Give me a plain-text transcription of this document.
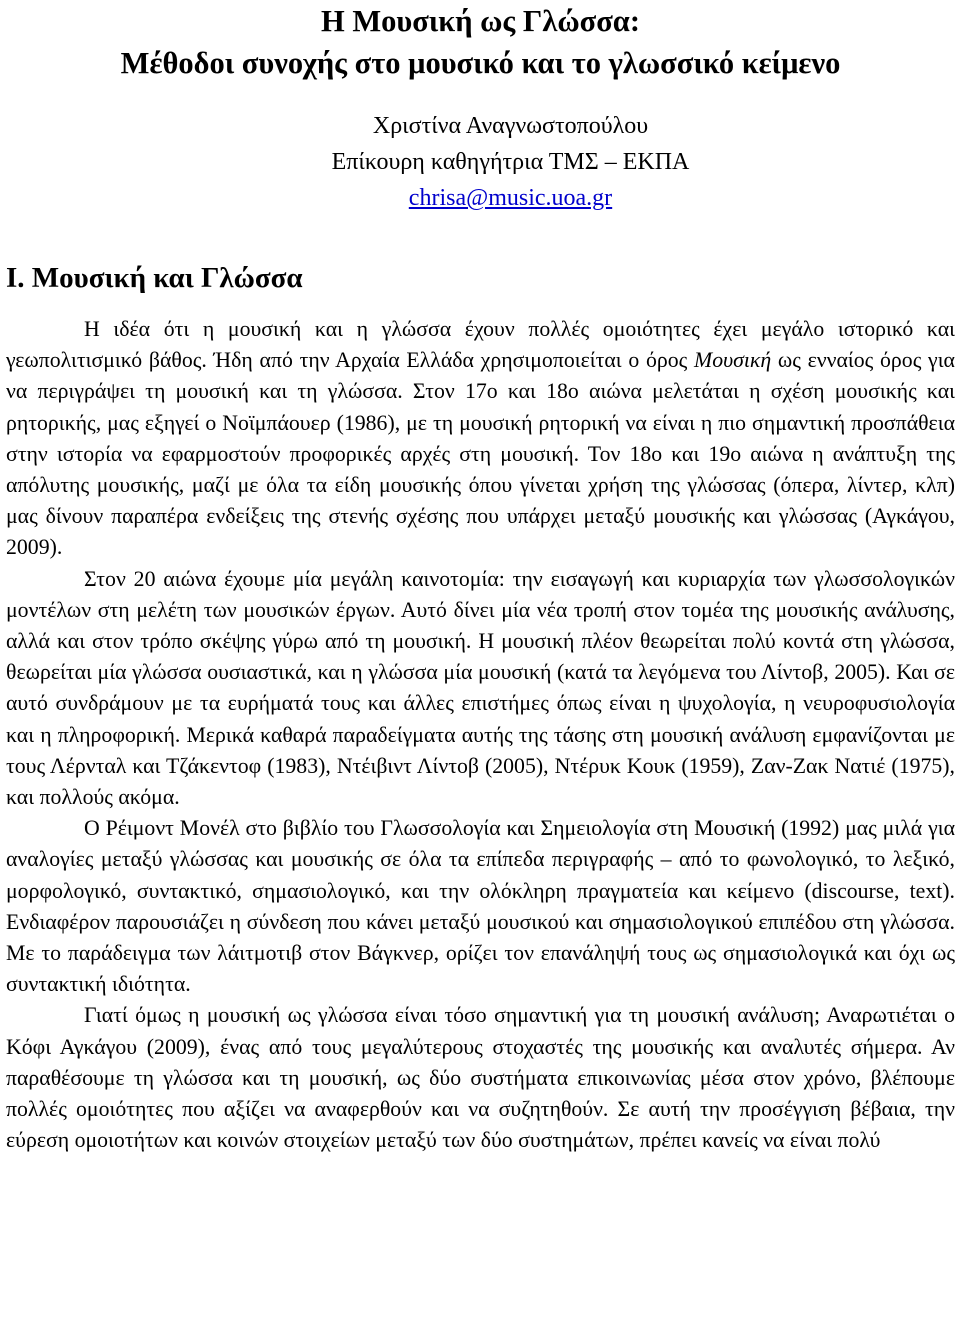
Η Μουσική ως Γλώσσα:
Μέθοδοι συνοχής στο μουσικό και το γλωσσικό κείμενο
Χριστίνα Αναγνωστοπούλου
Επίκουρη καθηγήτρια ΤΜΣ – ΕΚΠΑ
chrisa@music.uoa.gr
Ι. Μουσική και Γλώσσα

Η ιδέα ότι η μουσική και η γλώσσα έχουν πολλές ομοιότητες έχει μεγάλο ιστορικό και γεωπολιτισμικό βάθος. Ήδη από την Αρχαία Ελλάδα χρησιμοποιείται ο όρος Μουσική ως ενναίος όρος για να περιγράψει τη μουσική και τη γλώσσα. Στον 17ο και 18ο αιώνα μελετάται η σχέση μουσικής και ρητορικής, μας εξηγεί ο Νοϊμπάουερ (1986), με τη μουσική ρητορική να είναι η πιο σημαντική προσπάθεια στην ιστορία να εφαρμοστούν προφορικές αρχές στη μουσική. Τον 18ο και 19ο αιώνα η ανάπτυξη της απόλυτης μουσικής, μαζί με όλα τα είδη μουσικής όπου γίνεται χρήση της γλώσσας (όπερα, λίντερ, κλπ) μας δίνουν παραπέρα ενδείξεις της στενής σχέσης που υπάρχει μεταξύ μουσικής και γλώσσας (Αγκάγου, 2009).

Στον 20 αιώνα έχουμε μία μεγάλη καινοτομία: την εισαγωγή και κυριαρχία των γλωσσολογικών μοντέλων στη μελέτη των μουσικών έργων. Αυτό δίνει μία νέα τροπή στον τομέα της μουσικής ανάλυσης, αλλά και στον τρόπο σκέψης γύρω από τη μουσική. Η μουσική πλέον θεωρείται πολύ κοντά στη γλώσσα, θεωρείται μία γλώσσα ουσιαστικά, και η γλώσσα μία μουσική (κατά τα λεγόμενα του Λίντοβ, 2005). Και σε αυτό συνδράμουν με τα ευρήματά τους και άλλες επιστήμες όπως είναι η ψυχολογία, η νευροφυσιολογία και η πληροφορική. Μερικά καθαρά παραδείγματα αυτής της τάσης στη μουσική ανάλυση εμφανίζονται με τους Λέρνταλ και Τζάκεντοφ (1983), Ντέιβιντ Λίντοβ (2005), Ντέρυκ Κουκ (1959), Ζαν-Ζακ Νατιέ (1975), και πολλούς ακόμα.

Ο Ρέιμοντ Μονέλ στο βιβλίο του Γλωσσολογία και Σημειολογία στη Μουσική (1992) μας μιλά για αναλογίες μεταξύ γλώσσας και μουσικής σε όλα τα επίπεδα περιγραφής – από το φωνολογικό, το λεξικό, μορφολογικό, συντακτικό, σημασιολογικό, και την ολόκληρη πραγματεία και κείμενο (discourse, text). Ενδιαφέρον παρουσιάζει η σύνδεση που κάνει μεταξύ μουσικού και σημασιολογικού επιπέδου στη γλώσσα. Με το παράδειγμα των λάιτμοτιβ στον Βάγκνερ, ορίζει τον επανάληψή τους ως σημασιολογικά και όχι ως συντακτική ιδιότητα.

Γιατί όμως η μουσική ως γλώσσα είναι τόσο σημαντική για τη μουσική ανάλυση; Αναρωτιέται ο Κόφι Αγκάγου (2009), ένας από τους μεγαλύτερους στοχαστές της μουσικής και αναλυτές σήμερα. Αν παραθέσουμε τη γλώσσα και τη μουσική, ως δύο συστήματα επικοινωνίας μέσα στον χρόνο, βλέπουμε πολλές ομοιότητες που αξίζει να αναφερθούν και να συζητηθούν. Σε αυτή την προσέγγιση βέβαια, την εύρεση ομοιοτήτων και κοινών στοιχείων μεταξύ των δύο συστημάτων, πρέπει κανείς να είναι πολύ
